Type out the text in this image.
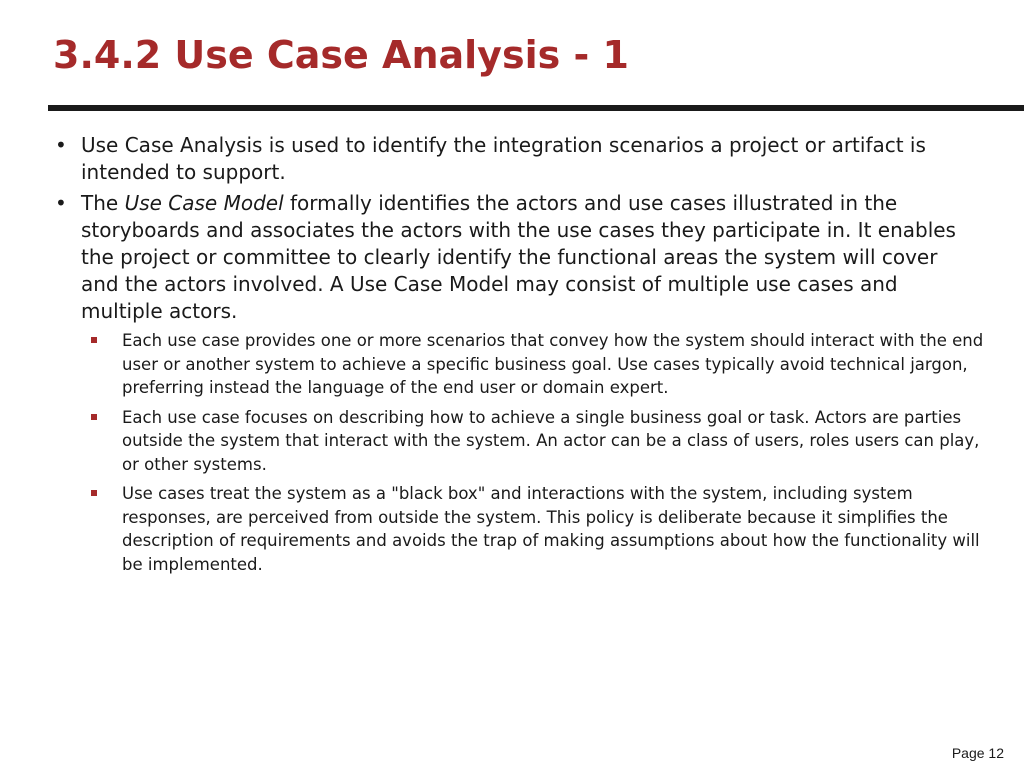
3.4.2 Use Case Analysis - 1
• Use Case Analysis is used to identify the integration scenarios a project or artifact is intended to support.
• The Use Case Model formally identifies the actors and use cases illustrated in the storyboards and associates the actors with the use cases they participate in. It enables the project or committee to clearly identify the functional areas the system will cover and the actors involved. A Use Case Model may consist of multiple use cases and multiple actors.
Each use case provides one or more scenarios that convey how the system should interact with the end user or another system to achieve a specific business goal. Use cases typically avoid technical jargon, preferring instead the language of the end user or domain expert.
Each use case focuses on describing how to achieve a single business goal or task. Actors are parties outside the system that interact with the system. An actor can be a class of users, roles users can play, or other systems.
Use cases treat the system as a "black box" and interactions with the system, including system responses, are perceived from outside the system. This policy is deliberate because it simplifies the description of requirements and avoids the trap of making assumptions about how the functionality will be implemented.
Page 12
